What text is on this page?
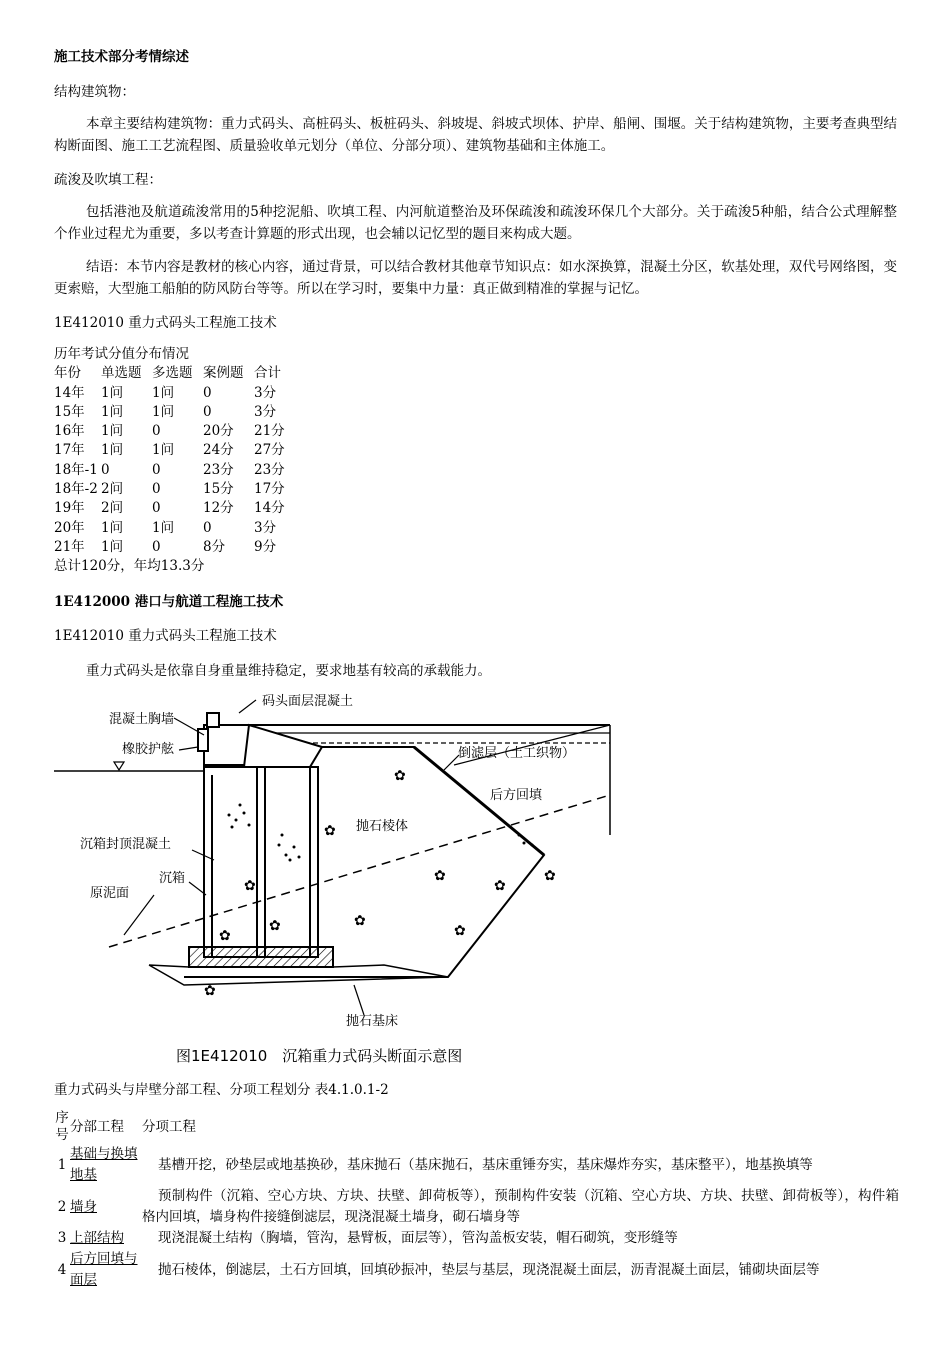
施工技术部分考情综述
结构建筑物：
本章主要结构建筑物：重力式码头、高桩码头、板桩码头、斜坡堤、斜坡式坝体、护岸、船闸、围堰。关于结构建筑物，主要考查典型结构断面图、施工工艺流程图、质量验收单元划分（单位、分部分项）、建筑物基础和主体施工。
疏浚及吹填工程：
包括港池及航道疏浚常用的5种挖泥船、吹填工程、内河航道整治及环保疏浚和疏浚环保几个大部分。关于疏浚5种船，结合公式理解整个作业过程尤为重要，多以考查计算题的形式出现，也会辅以记忆型的题目来构成大题。
结语：本节内容是教材的核心内容，通过背景，可以结合教材其他章节知识点：如水深换算，混凝土分区，软基处理，双代号网络图，变更索赔，大型施工船舶的防风防台等等。所以在学习时，要集中力量：真正做到精准的掌握与记忆。
1E412010 重力式码头工程施工技术
历年考试分值分布情况
年份	单选题 多选题 案例题 合计
14年	1问	1问	0	3分
15年	1问	1问	0	3分
16年	1问	0	20分	21分
17年	1问	1问	24分	27分
18年-1 0	0	23分	23分
18年-2 2问	0	15分	17分
19年	2问	0	12分	14分
20年	1问	1问	0	3分
21年	1问	0	8分	9分
总计120分，年均13.3分
1E412000 港口与航道工程施工技术
1E412010 重力式码头工程施工技术
重力式码头是依靠自身重量维持稳定，要求地基有较高的承载能力。
✿
✿
✿
✿
✿
✿
✿
✿
✿
✿
✿
码头面层混凝土
混凝土胸墙
橡胶护舷	倒滤层（土工织物）
后方回填
抛石棱体
沉箱封顶混凝土
沉箱
原泥面
抛石基床
图1E412010　沉箱重力式码头断面示意图
重力式码头与岸壁分部工程、分项工程划分 表4.1.0.1-2
序号	分部工程	分项工程
1	基础与换填地基	基槽开挖，砂垫层或地基换砂，基床抛石（基床抛石，基床重锤夯实，基床爆炸夯实，基床整平），地基换填等
2	墙身	预制构件（沉箱、空心方块、方块、扶壁、卸荷板等），预制构件安装（沉箱、空心方块、方块、扶壁、卸荷板等），构件箱格内回填，墙身构件接缝倒滤层，现浇混凝土墙身，砌石墙身等
3	上部结构	现浇混凝土结构（胸墙，管沟，悬臂板，面层等），管沟盖板安装，帽石砌筑，变形缝等
4	后方回填与面层	抛石棱体，倒滤层，土石方回填，回填砂振冲，垫层与基层，现浇混凝土面层，沥青混凝土面层，铺砌块面层等
